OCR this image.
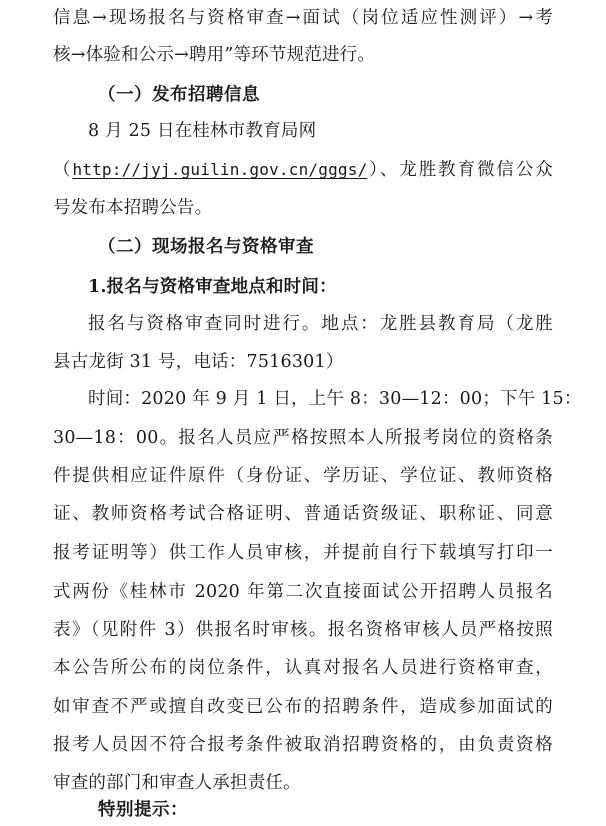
信息→现场报名与资格审查→面试（岗位适应性测评）→考
核→体验和公示→聘用”等环节规范进行。
（一）发布招聘信息
8 月 25 日在桂林市教育局网
（http://jyj.guilin.gov.cn/gggs/）、龙胜教育微信公众
号发布本招聘公告。
（二）现场报名与资格审查
1.报名与资格审查地点和时间：
报名与资格审查同时进行。地点：龙胜县教育局（龙胜
县古龙街 31 号，电话：7516301）
时间：2020 年 9 月 1 日，上午 8：30—12：00；下午 15：
30—18：00。报名人员应严格按照本人所报考岗位的资格条
件提供相应证件原件（身份证、学历证、学位证、教师资格
证、教师资格考试合格证明、普通话资级证、职称证、同意
报考证明等）供工作人员审核，并提前自行下载填写打印一
式两份《桂林市 2020 年第二次直接面试公开招聘人员报名
表》（见附件 3）供报名时审核。报名资格审核人员严格按照
本公告所公布的岗位条件，认真对报名人员进行资格审查，
如审查不严或擅自改变已公布的招聘条件，造成参加面试的
报考人员因不符合报考条件被取消招聘资格的，由负责资格
审查的部门和审查人承担责任。
特别提示：
